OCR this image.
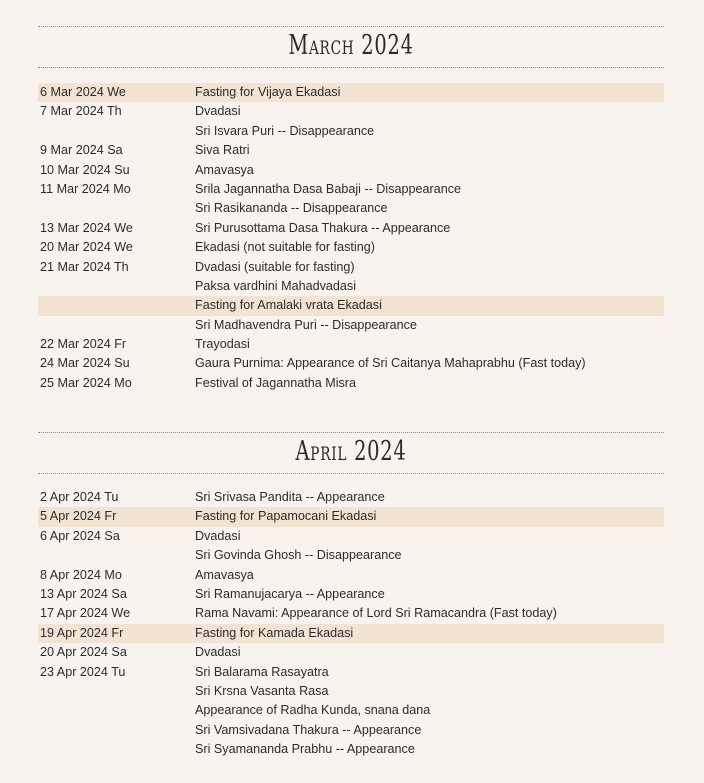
March 2024
6 Mar 2024 We	Fasting for Vijaya Ekadasi
7 Mar 2024 Th	Dvadasi
Sri Isvara Puri -- Disappearance
9 Mar 2024 Sa	Siva Ratri
10 Mar 2024 Su	Amavasya
11 Mar 2024 Mo	Srila Jagannatha Dasa Babaji -- Disappearance
Sri Rasikananda -- Disappearance
13 Mar 2024 We	Sri Purusottama Dasa Thakura -- Appearance
20 Mar 2024 We	Ekadasi (not suitable for fasting)
21 Mar 2024 Th	Dvadasi (suitable for fasting)
Paksa vardhini Mahadvadasi
Fasting for Amalaki vrata Ekadasi
Sri Madhavendra Puri -- Disappearance
22 Mar 2024 Fr	Trayodasi
24 Mar 2024 Su	Gaura Purnima: Appearance of Sri Caitanya Mahaprabhu (Fast today)
25 Mar 2024 Mo	Festival of Jagannatha Misra
April 2024
2 Apr 2024 Tu	Sri Srivasa Pandita -- Appearance
5 Apr 2024 Fr	Fasting for Papamocani Ekadasi
6 Apr 2024 Sa	Dvadasi
Sri Govinda Ghosh -- Disappearance
8 Apr 2024 Mo	Amavasya
13 Apr 2024 Sa	Sri Ramanujacarya -- Appearance
17 Apr 2024 We	Rama Navami: Appearance of Lord Sri Ramacandra (Fast today)
19 Apr 2024 Fr	Fasting for Kamada Ekadasi
20 Apr 2024 Sa	Dvadasi
23 Apr 2024 Tu	Sri Balarama Rasayatra
Sri Krsna Vasanta Rasa
Appearance of Radha Kunda, snana dana
Sri Vamsivadana Thakura -- Appearance
Sri Syamananda Prabhu -- Appearance
